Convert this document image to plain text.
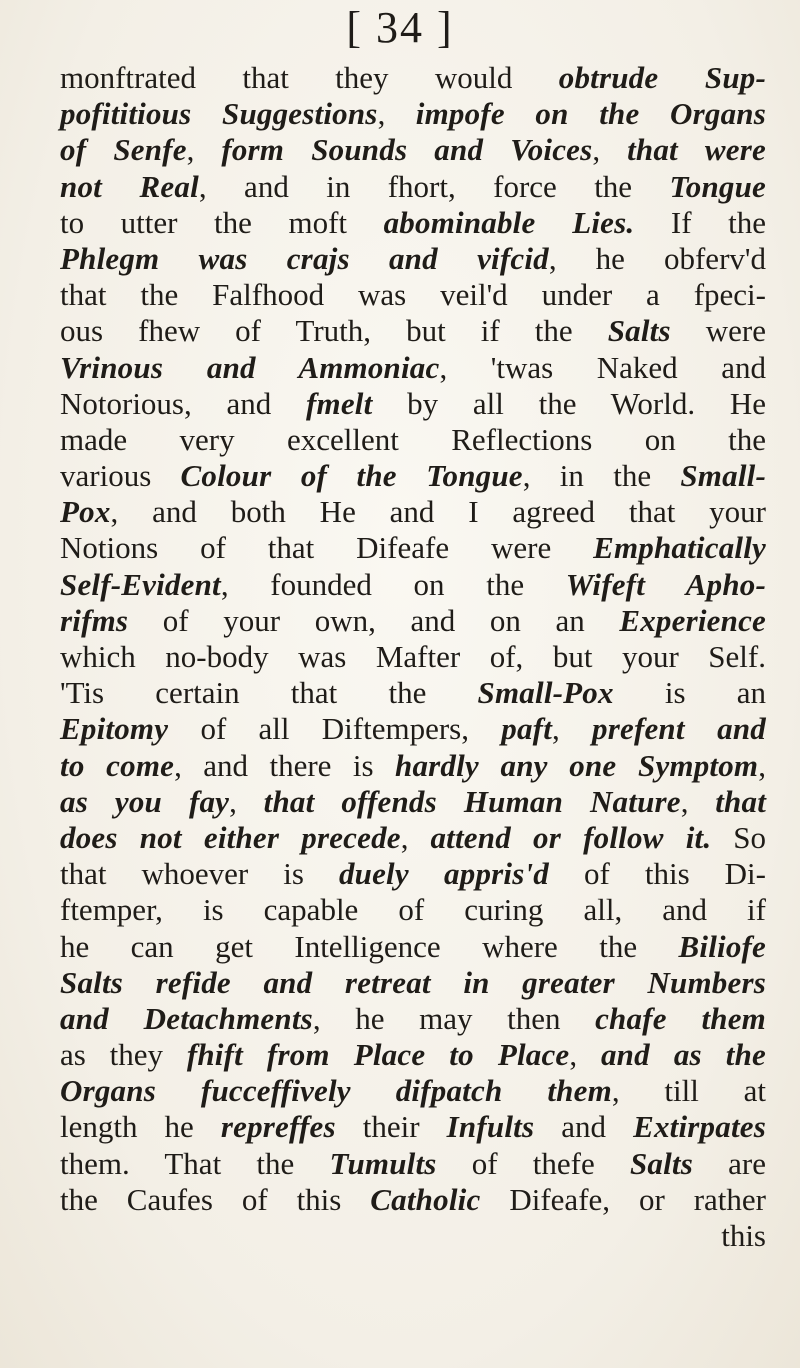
[ 34 ]
monftrated that they would obtrude Sup-
pofititious Suggestions, impofe on the Organs
of Senfe, form Sounds and Voices, that were
not Real, and in fhort, force the Tongue
to utter the moft abominable Lies. If the
Phlegm was crajs and vifcid, he obferv'd
that the Falfhood was veil'd under a fpeci-
ous fhew of Truth, but if the Salts were
Vrinous and Ammoniac, 'twas Naked and
Notorious, and fmelt by all the World. He
made very excellent Reflections on the
various Colour of the Tongue, in the Small-
Pox, and both He and I agreed that your
Notions of that Difeafe were Emphatically
Self-Evident, founded on the Wifeft Apho-
rifms of your own, and on an Experience
which no-body was Mafter of, but your Self.
'Tis certain that the Small-Pox is an
Epitomy of all Diftempers, paft, prefent and
to come, and there is hardly any one Symptom,
as you fay, that offends Human Nature, that
does not either precede, attend or follow it. So
that whoever is duely appris'd of this Di-
ftemper, is capable of curing all, and if
he can get Intelligence where the Biliofe
Salts refide and retreat in greater Numbers
and Detachments, he may then chafe them
as they fhift from Place to Place, and as the
Organs fucceffively difpatch them, till at
length he repreffes their Infults and Extirpates
them. That the Tumults of thefe Salts are
the Caufes of this Catholic Difeafe, or rather
this
